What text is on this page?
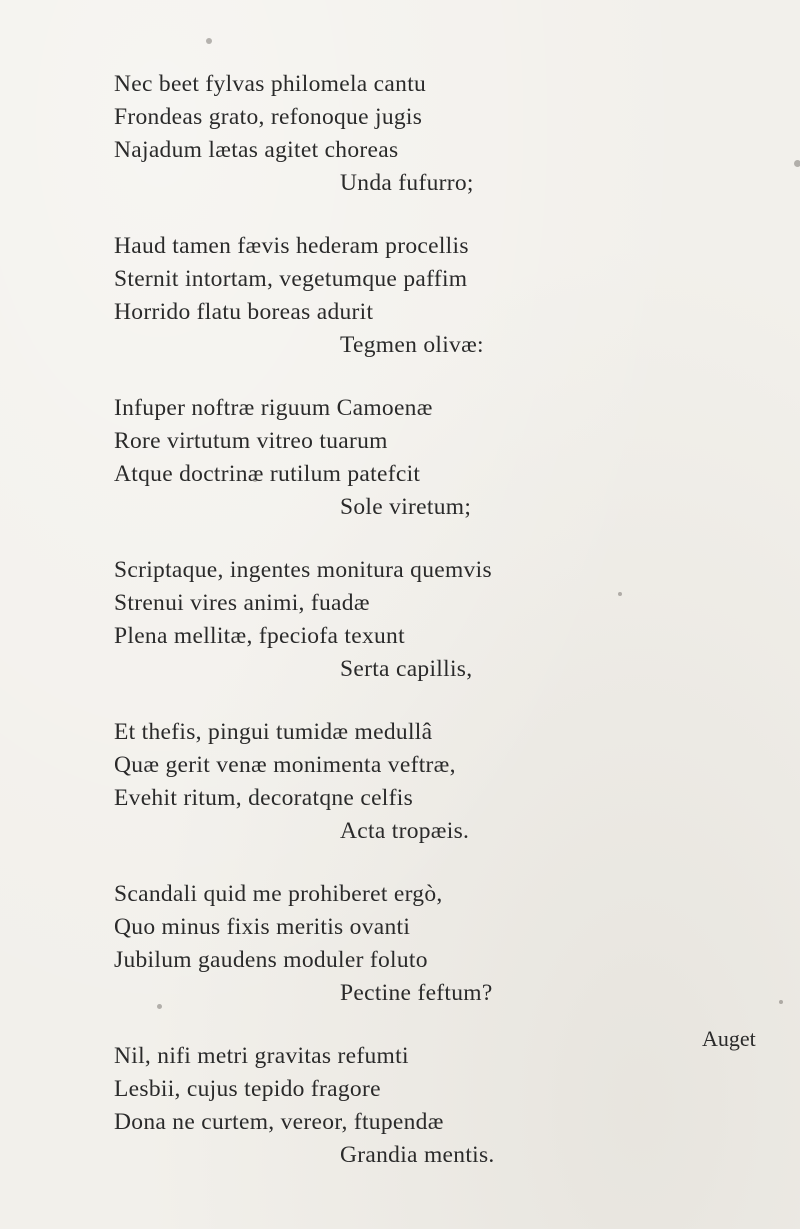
Nec beet fylvas philomela cantu
Frondeas grato, refonoque jugis
Najadum lætas agitet choreas
Unda fufurro;
Haud tamen fævis hederam procellis
Sternit intortam, vegetumque paffim
Horrido flatu boreas adurit
Tegmen olivæ:
Infuper noftræ riguum Camoenæ
Rore virtutum vitreo tuarum
Atque doctrinæ rutilum patefcit
Sole viretum;
Scriptaque, ingentes monitura quemvis
Strenui vires animi, fuadæ
Plena mellitæ, fpeciofa texunt
Serta capillis,
Et thefis, pingui tumidæ medullâ
Quæ gerit venæ monimenta veftræ,
Evehit ritum, decoratqne celfis
Acta tropæis.
Scandali quid me prohiberet ergò,
Quo minus fixis meritis ovanti
Jubilum gaudens moduler foluto
Pectine feftum?
Nil, nifi metri gravitas refumti
Lesbii, cujus tepido fragore
Dona ne curtem, vereor, ftupendæ
Grandia mentis.
Auget
